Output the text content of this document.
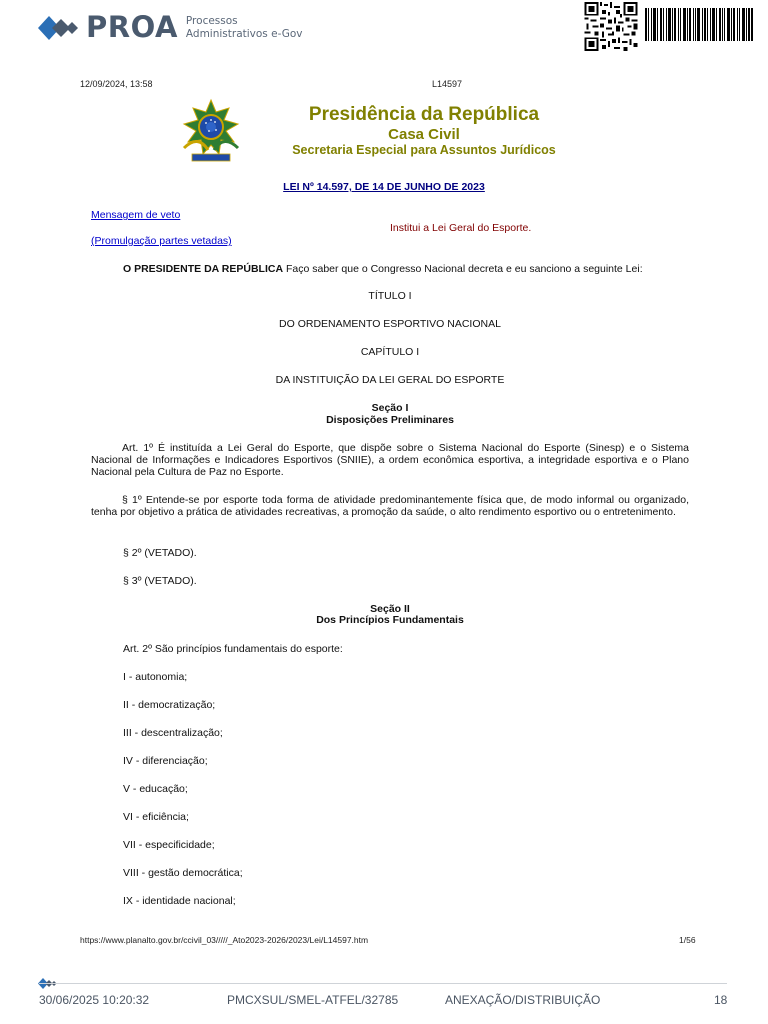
PROA Processos
Administrativos e-Gov
12/09/2024, 13:58	L14597
Presidência da República
Casa Civil
Secretaria Especial para Assuntos Jurídicos
LEI Nº 14.597, DE 14 DE JUNHO DE 2023
Mensagem de veto
(Promulgação partes vetadas)
Institui a Lei Geral do Esporte.
O PRESIDENTE DA REPÚBLICA Faço saber que o Congresso Nacional decreta e eu sanciono a seguinte Lei:
TÍTULO I
DO ORDENAMENTO ESPORTIVO NACIONAL
CAPÍTULO I
DA INSTITUIÇÃO DA LEI GERAL DO ESPORTE
Seção I
Disposições Preliminares
Art. 1º É instituída a Lei Geral do Esporte, que dispõe sobre o Sistema Nacional do Esporte (Sinesp) e o Sistema Nacional de Informações e Indicadores Esportivos (SNIIE), a ordem econômica esportiva, a integridade esportiva e o Plano Nacional pela Cultura de Paz no Esporte.
§ 1º Entende-se por esporte toda forma de atividade predominantemente física que, de modo informal ou organizado, tenha por objetivo a prática de atividades recreativas, a promoção da saúde, o alto rendimento esportivo ou o entretenimento.
§ 2º (VETADO).
§ 3º (VETADO).
Seção II
Dos Princípios Fundamentais
Art. 2º São princípios fundamentais do esporte:
I - autonomia;
II - democratização;
III - descentralização;
IV - diferenciação;
V - educação;
VI - eficiência;
VII - especificidade;
VIII - gestão democrática;
IX - identidade nacional;
https://www.planalto.gov.br/ccivil_03/////_Ato2023-2026/2023/Lei/L14597.htm	1/56
30/06/2025 10:20:32	PMCXSUL/SMEL-ATFEL/32785	ANEXAÇÃO/DISTRIBUIÇÃO	18
